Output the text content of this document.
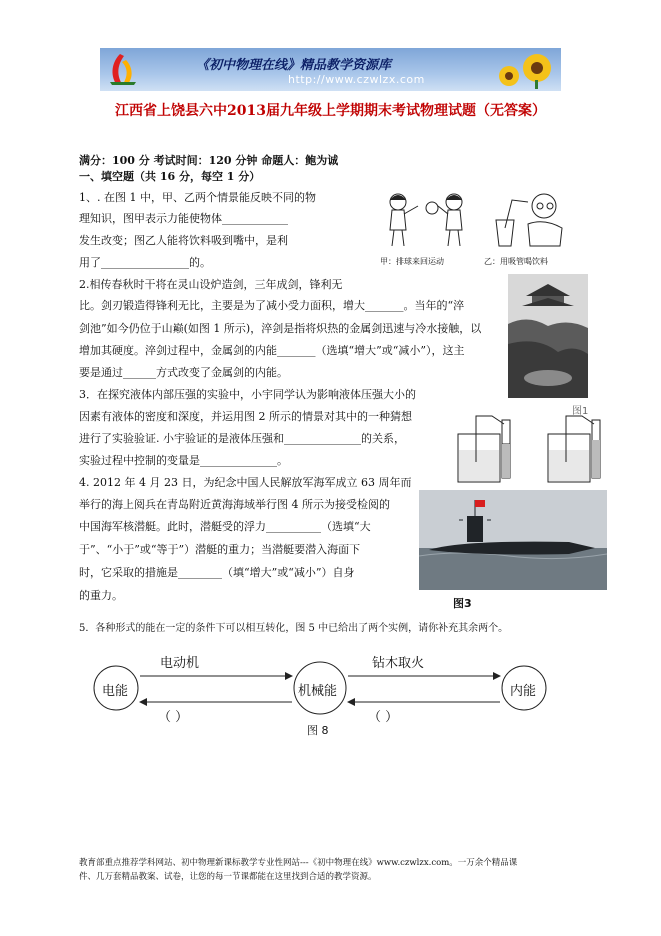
《初中物理在线》精品教学资源库
http://www.czwlzx.com
江西省上饶县六中2013届九年级上学期期末考试物理试题（无答案）
满分：100 分 考试时间：120 分钟 命题人：鲍为诚
一、填空题（共 16 分，每空 1 分）
1、. 在图 1 中，甲、乙两个情景能反映不同的物
理知识，图甲表示力能使物体____________
发生改变；图乙人能将饮料吸到嘴中，是利
用了________________的。	甲：排球来回运动	乙：用吸管喝饮料
2.相传春秋时干将在灵山设炉造剑，三年成剑，锋利无
比。剑刃锻造得锋利无比，主要是为了减小受力面积，增大_______。当年的“淬
剑池”如今仍位于山巅(如图 1 所示)，淬剑是指将炽热的金属剑迅速与冷水接触，以
增加其硬度。淬剑过程中，金属剑的内能_______（选填“增大”或“减小”），这主
要是通过______方式改变了金属剑的内能。
3．在探究液体内部压强的实验中，小宇同学认为影响液体压强大小的
因素有液体的密度和深度，并运用图 2 所示的情景对其中的一种猜想
进行了实验验证. 小宇验证的是液体压强和______________的关系，
实验过程中控制的变量是______________。
图1
4. 2012 年 4 月 23 日，为纪念中国人民解放军海军成立 63 周年而
举行的海上阅兵在青岛附近黄海海域举行图 4 所示为接受检阅的
中国海军核潜艇。此时，潜艇受的浮力__________（选填“大
于”、“小于”或“等于”）潜艇的重力；当潜艇要潜入海面下
时，它采取的措施是________（填“增大”或“减小”）自身
的重力。
图3
5．各种形式的能在一定的条件下可以相互转化，图 5 中已给出了两个实例，请你补充其余两个。
电能	机械能	内能
电动机	钻木取火
（ ）	（ ）
图 8
教育部重点推荐学科网站、初中物理新课标教学专业性网站---《初中物理在线》www.czwlzx.com。一万余个精品课
件、几万套精品教案、试卷，让您的每一节课都能在这里找到合适的教学资源。
